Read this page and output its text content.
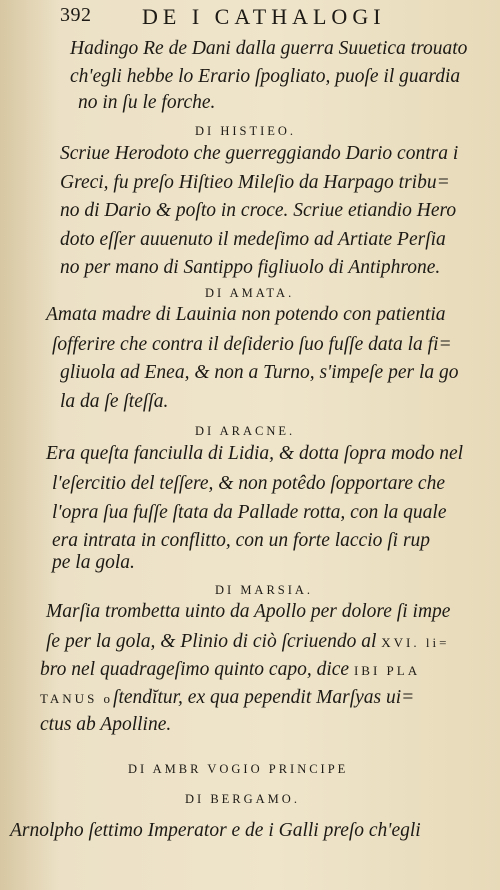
392 DE I CATHALOGI
Hadingo Re de Dani dalla guerra Suuetica trouato
ch'egli hebbe lo Erario ſpogliato, puoſe il guardia
no in ſu le forche.
DI HISTIEO.
Scriue Herodoto che guerreggiando Dario contra i
Greci, fu preſo Hiſtieo Mileſio da Harpago tribu=
no di Dario & poſto in croce. Scriue etiandio Hero
doto eſſer auuenuto il medeſimo ad Artiate Perſia
no per mano di Santippo figliuolo di Antiphrone.
DI AMATA.
Amata madre di Lauinia non potendo con patientia
ſofferire che contra il deſiderio ſuo fuſſe data la fi=
gliuola ad Enea, & non a Turno, s'impeſe per la go
la da ſe ſteſſa.
DI ARACNE.
Era queſta fanciulla di Lidia, & dotta ſopra modo nel
l'eſercitio del teſſere, & non potêdo ſopportare che
l'opra ſua fuſſe ſtata da Pallade rotta, con la quale
era intrata in conflitto, con un forte laccio ſi rup
pe la gola.
DI MARSIA.
Marſia trombetta uinto da Apollo per dolore ſi impe
ſe per la gola, & Plinio di ciò ſcriuendo al XVI. li=
bro nel quadrageſimo quinto capo, dice IBI PLA
TANUS oſtendĭtur, ex qua pependit Marſyas ui=
ctus ab Apolline.
DI AMBR VOGIO PRINCIPE
DI BERGAMO.
Arnolpho ſettimo Imperator e de i Galli preſo ch'egli
